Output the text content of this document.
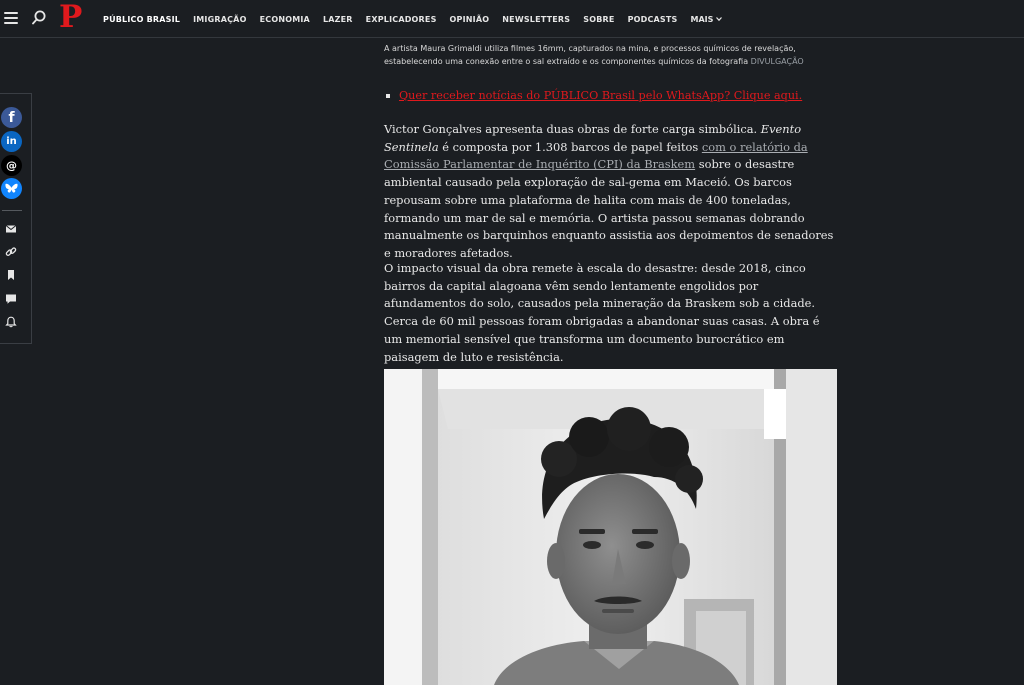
P	PÚBLICO BRASIL IMIGRAÇÃO ECONOMIA LAZER EXPLICADORES OPINIÃO NEWSLETTERS SOBRE PODCASTS MAIS
f
in
@
A artista Maura Grimaldi utiliza filmes 16mm, capturados na mina, e processos químicos de revelação,
estabelecendo uma conexão entre o sal extraído e os componentes químicos da fotografia DIVULGAÇÃO
Quer receber notícias do PÚBLICO Brasil pelo WhatsApp? Clique aqui.

Victor Gonçalves apresenta duas obras de forte carga simbólica. Evento Sentinela é composta por 1.308 barcos de papel feitos com o relatório da Comissão Parlamentar de Inquérito (CPI) da Braskem sobre o desastre ambiental causado pela exploração de sal-gema em Maceió. Os barcos repousam sobre uma plataforma de halita com mais de 400 toneladas, formando um mar de sal e memória. O artista passou semanas dobrando manualmente os barquinhos enquanto assistia aos depoimentos de senadores e moradores afetados.

O impacto visual da obra remete à escala do desastre: desde 2018, cinco bairros da capital alagoana vêm sendo lentamente engolidos por afundamentos do solo, causados pela mineração da Braskem sob a cidade. Cerca de 60 mil pessoas foram obrigadas a abandonar suas casas. A obra é um memorial sensível que transforma um documento burocrático em paisagem de luto e resistência.
